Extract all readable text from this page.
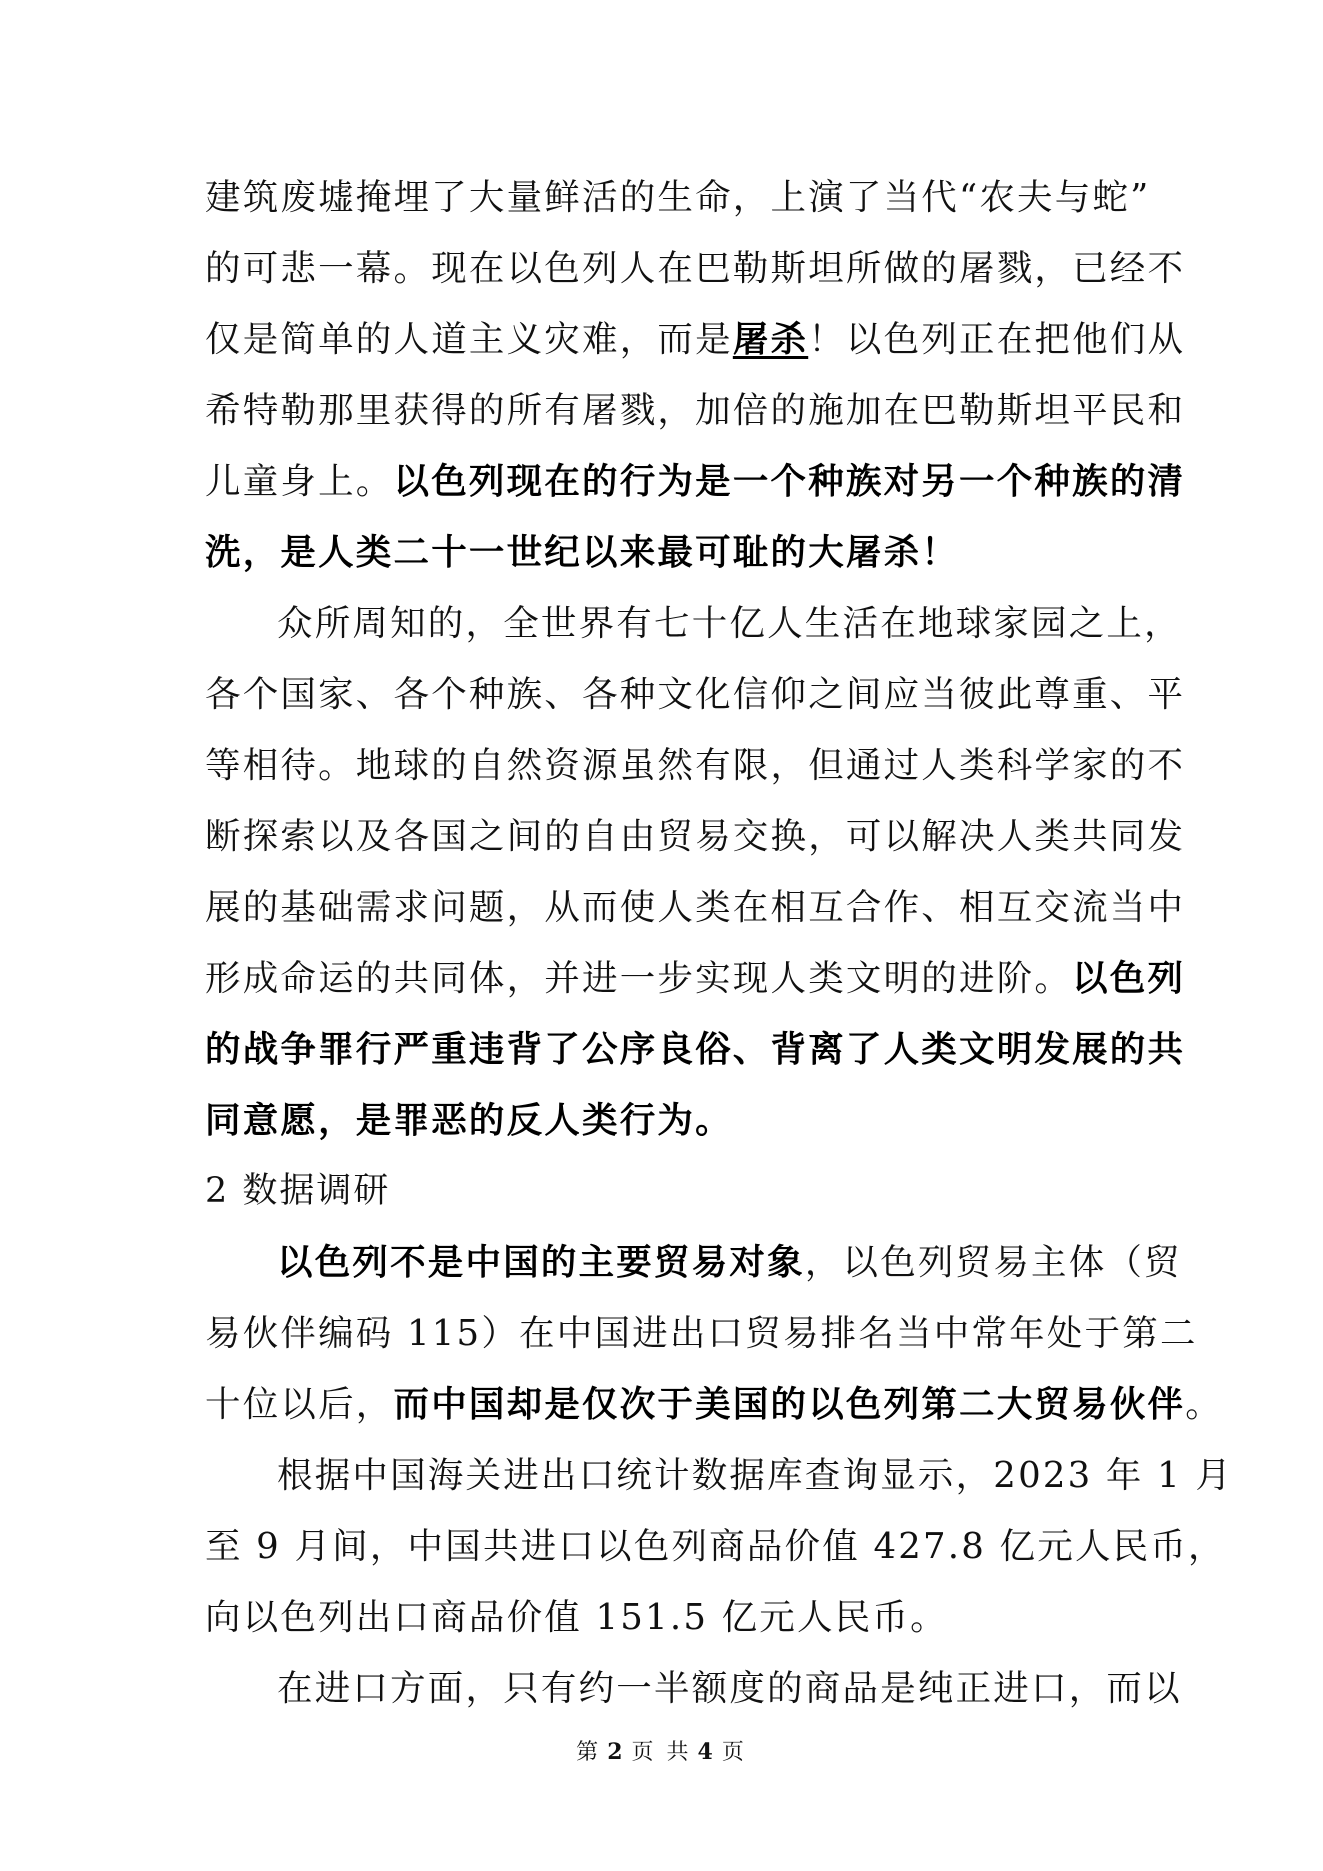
建筑废墟掩埋了大量鲜活的生命，上演了当代“农夫与蛇”
的可悲一幕。现在以色列人在巴勒斯坦所做的屠戮，已经不
仅是简单的人道主义灾难，而是屠杀！以色列正在把他们从
希特勒那里获得的所有屠戮，加倍的施加在巴勒斯坦平民和
儿童身上。以色列现在的行为是一个种族对另一个种族的清
洗，是人类二十一世纪以来最可耻的大屠杀！
众所周知的，全世界有七十亿人生活在地球家园之上，
各个国家、各个种族、各种文化信仰之间应当彼此尊重、平
等相待。地球的自然资源虽然有限，但通过人类科学家的不
断探索以及各国之间的自由贸易交换，可以解决人类共同发
展的基础需求问题，从而使人类在相互合作、相互交流当中
形成命运的共同体，并进一步实现人类文明的进阶。以色列
的战争罪行严重违背了公序良俗、背离了人类文明发展的共
同意愿，是罪恶的反人类行为。
2 数据调研
以色列不是中国的主要贸易对象，以色列贸易主体（贸
易伙伴编码 115）在中国进出口贸易排名当中常年处于第二
十位以后，而中国却是仅次于美国的以色列第二大贸易伙伴。
根据中国海关进出口统计数据库查询显示，2023 年 1 月
至 9 月间，中国共进口以色列商品价值 427.8 亿元人民币，
向以色列出口商品价值 151.5 亿元人民币。
在进口方面，只有约一半额度的商品是纯正进口，而以
第 2 页 共 4 页
